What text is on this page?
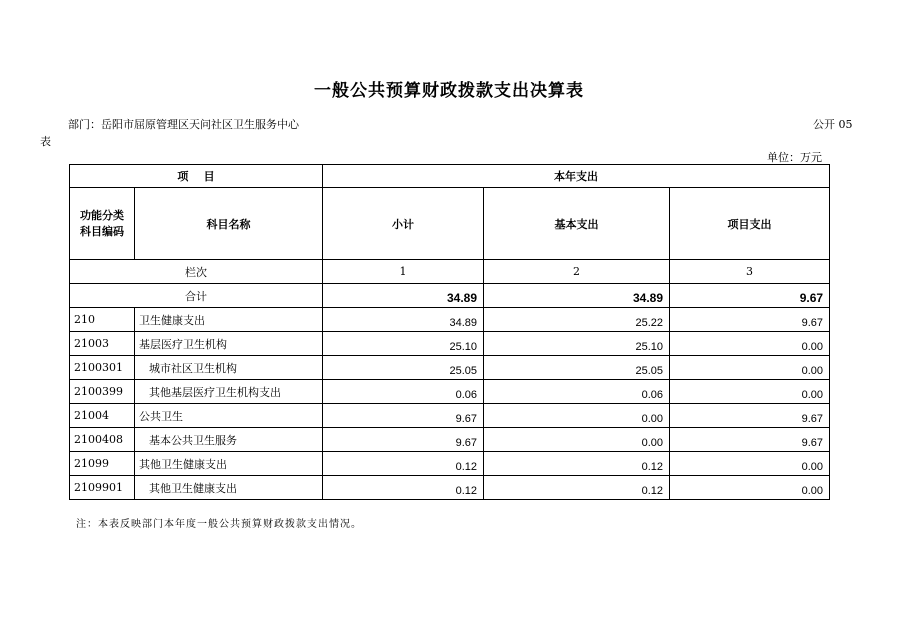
一般公共预算财政拨款支出决算表
部门：岳阳市屈原管理区天问社区卫生服务中心	公开 05
表
单位：万元
项    目		本年支出		
功能分类
科目编码	科目名称	小计	基本支出	项目支出
栏次		1	2	3
合计		34.89	34.89	9.67
210	卫生健康支出	34.89	25.22	9.67
21003	基层医疗卫生机构	25.10	25.10	0.00
2100301	城市社区卫生机构	25.05	25.05	0.00
2100399	其他基层医疗卫生机构支出	0.06	0.06	0.00
21004	公共卫生	9.67	0.00	9.67
2100408	基本公共卫生服务	9.67	0.00	9.67
21099	其他卫生健康支出	0.12	0.12	0.00
2109901	其他卫生健康支出	0.12	0.12	0.00
注：本表反映部门本年度一般公共预算财政拨款支出情况。
